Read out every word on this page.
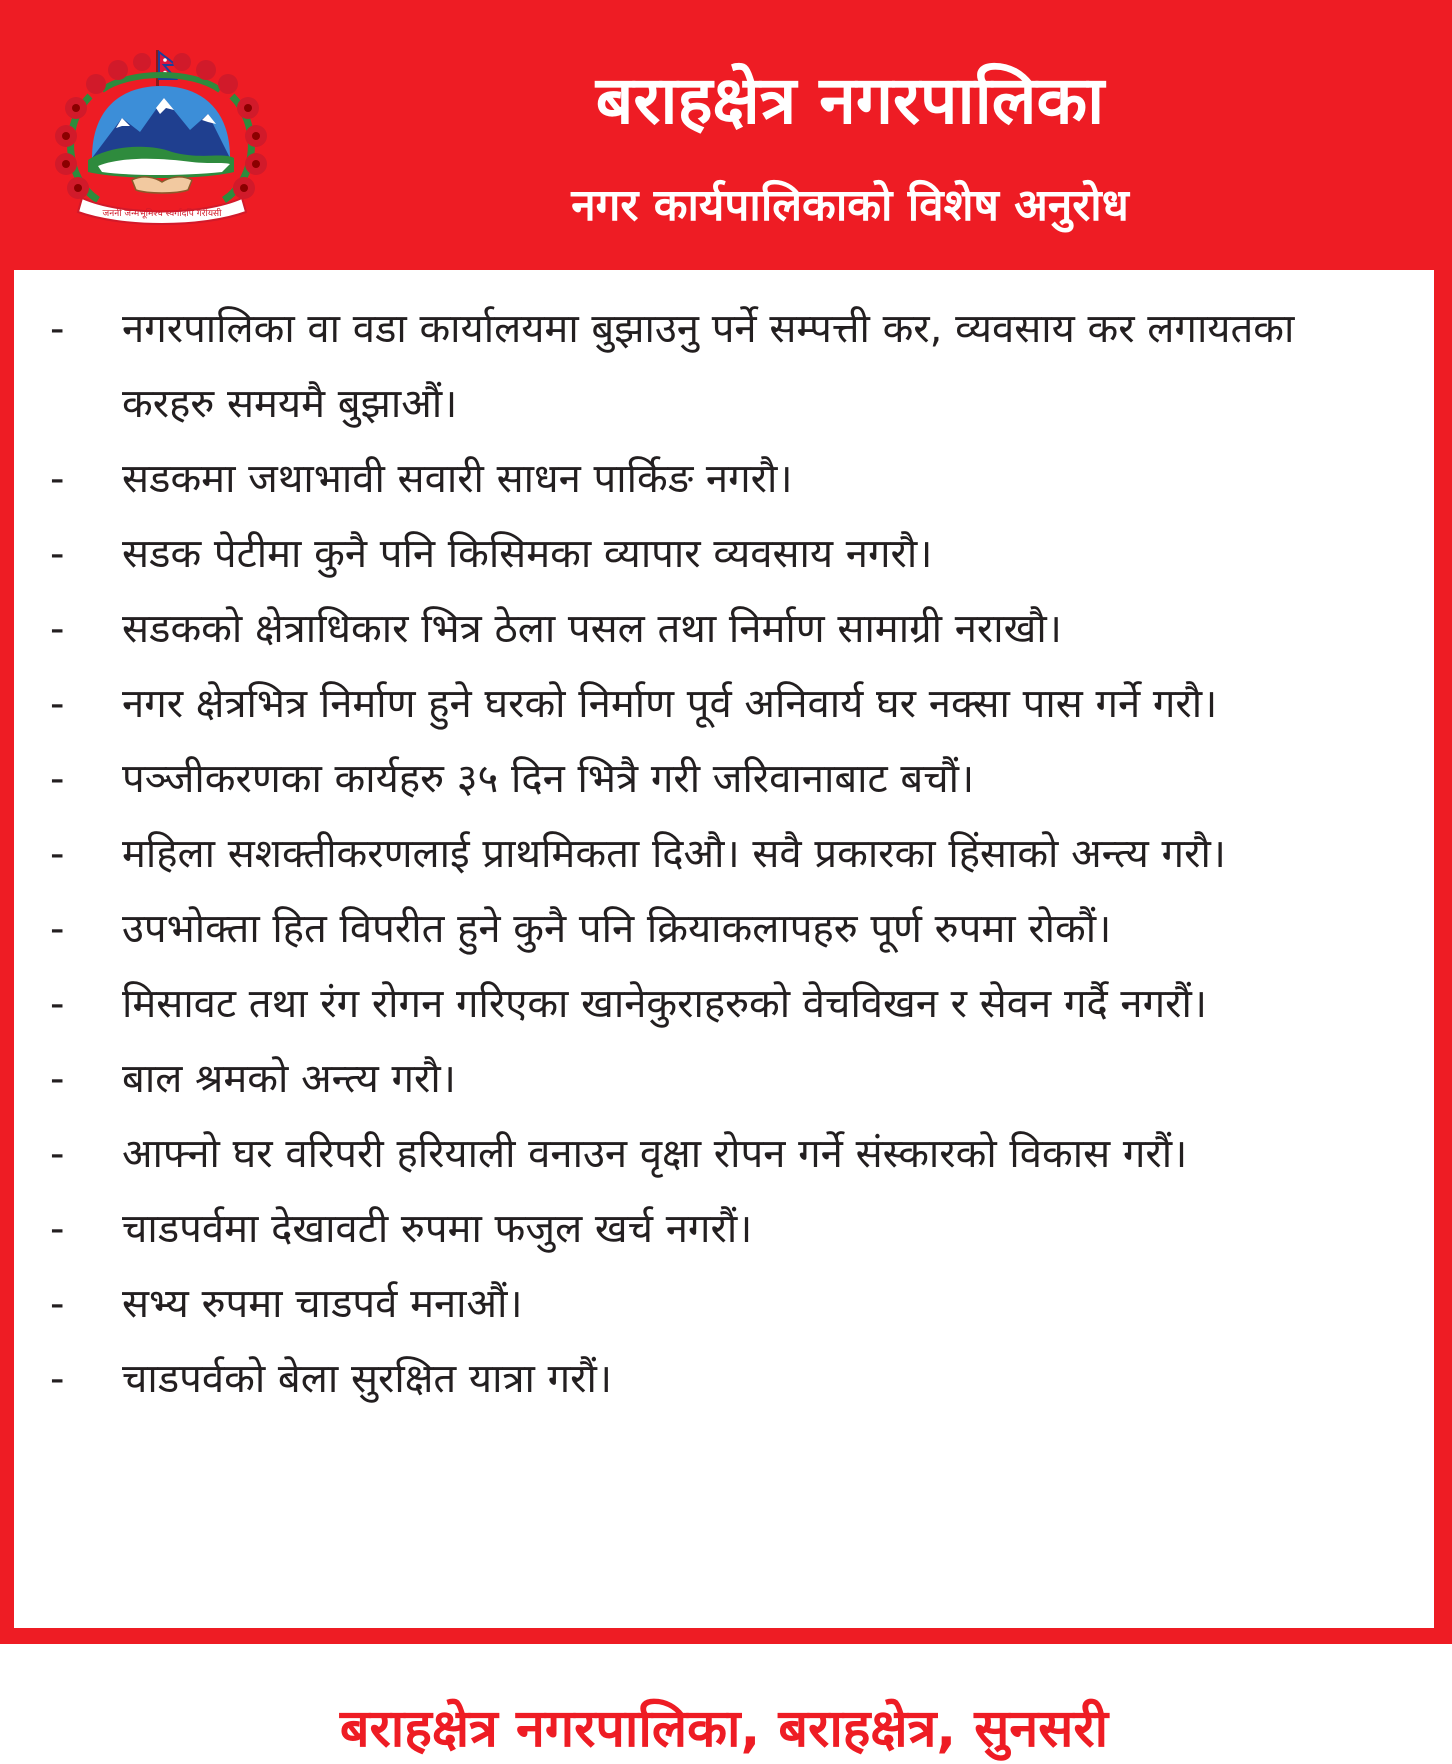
जननी जन्मभूमिश्च स्वर्गादपि गरीयसी
बराहक्षेत्र नगरपालिका
नगर कार्यपालिकाको विशेष अनुरोध
-	नगरपालिका वा वडा कार्यालयमा बुझाउनु पर्ने सम्पत्ती कर, व्यवसाय कर लगायतका करहरु समयमै बुझाऔं।
-	सडकमा जथाभावी सवारी साधन पार्किङ नगरौ।
-	सडक पेटीमा कुनै पनि किसिमका व्यापार व्यवसाय नगरौ।
-	सडकको क्षेत्राधिकार भित्र ठेला पसल तथा निर्माण सामाग्री नराखौ।
-	नगर क्षेत्रभित्र निर्माण हुने घरको निर्माण पूर्व अनिवार्य घर नक्सा पास गर्ने गरौ।
-	पञ्जीकरणका कार्यहरु ३५ दिन भित्रै गरी जरिवानाबाट बचौं।
-	महिला सशक्तीकरणलाई प्राथमिकता दिऔ। सवै प्रकारका हिंसाको अन्त्य गरौ।
-	उपभोक्ता हित विपरीत हुने कुनै पनि क्रियाकलापहरु पूर्ण रुपमा रोकौं।
-	मिसावट तथा रंग रोगन गरिएका खानेकुराहरुको वेचविखन र सेवन गर्दै नगरौं।
-	बाल श्रमको अन्त्य गरौ।
-	आफ्नो घर वरिपरी हरियाली वनाउन वृक्षा रोपन गर्ने संस्कारको विकास गरौं।
-	चाडपर्वमा देखावटी रुपमा फजुल खर्च नगरौं।
-	सभ्य रुपमा चाडपर्व मनाऔं।
-	चाडपर्वको बेला सुरक्षित यात्रा गरौं।
बराहक्षेत्र नगरपालिका, बराहक्षेत्र, सुनसरी
